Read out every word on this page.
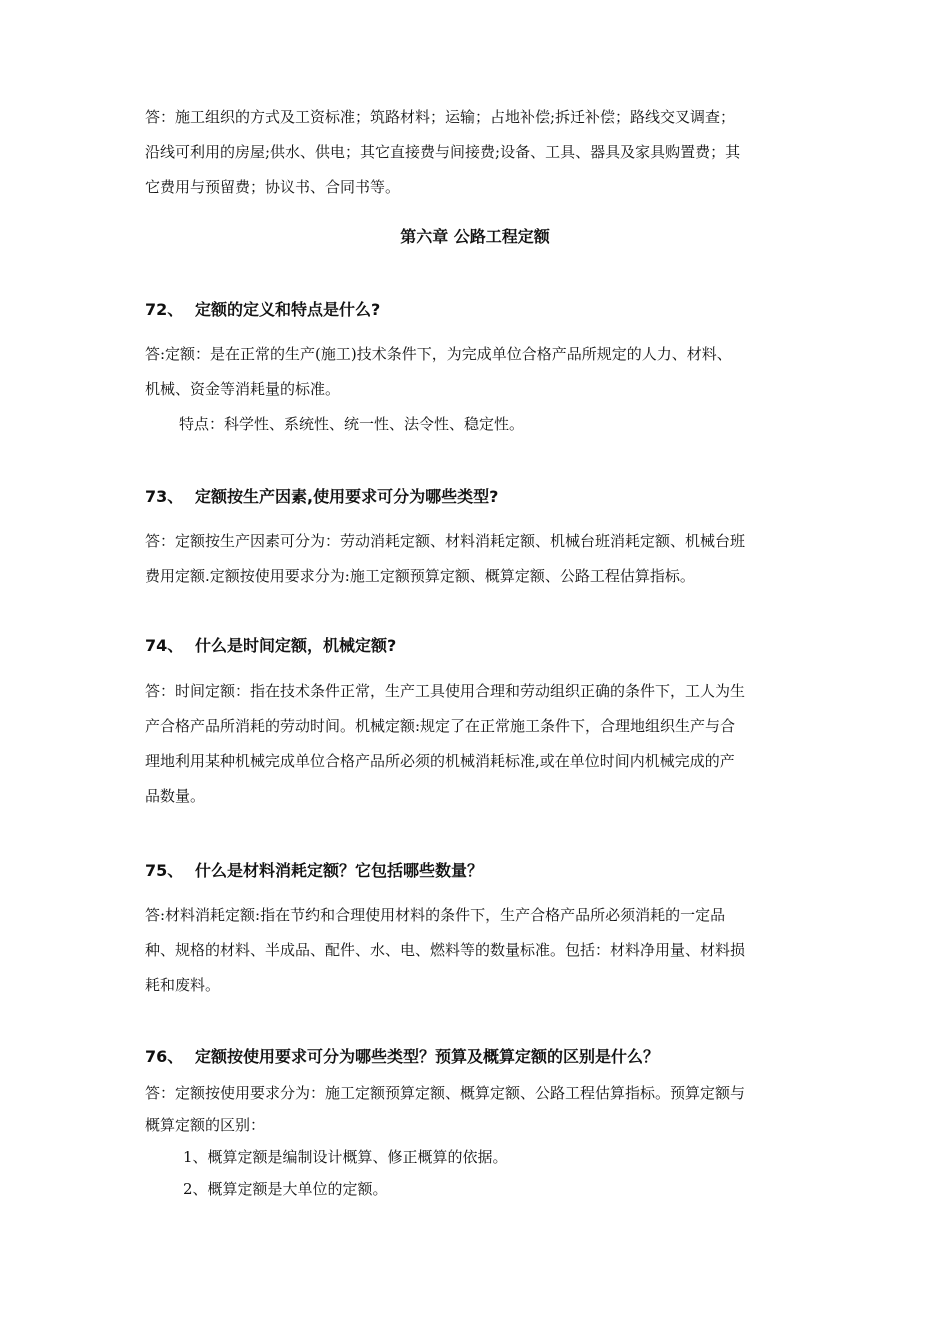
答：施工组织的方式及工资标准；筑路材料；运输；占地补偿;拆迁补偿；路线交叉调查；
沿线可利用的房屋;供水、供电；其它直接费与间接费;设备、工具、器具及家具购置费；其
它费用与预留费；协议书、合同书等。
第六章 公路工程定额
72、 定额的定义和特点是什么?
答:定额：是在正常的生产(施工)技术条件下，为完成单位合格产品所规定的人力、材料、
机械、资金等消耗量的标准。
特点：科学性、系统性、统一性、法令性、稳定性。
73、 定额按生产因素,使用要求可分为哪些类型?
答：定额按生产因素可分为：劳动消耗定额、材料消耗定额、机械台班消耗定额、机械台班
费用定额.定额按使用要求分为:施工定额预算定额、概算定额、公路工程估算指标。
74、 什么是时间定额，机械定额?
答：时间定额：指在技术条件正常，生产工具使用合理和劳动组织正确的条件下，工人为生
产合格产品所消耗的劳动时间。机械定额:规定了在正常施工条件下，合理地组织生产与合
理地利用某种机械完成单位合格产品所必须的机械消耗标准,或在单位时间内机械完成的产
品数量。
75、 什么是材料消耗定额？它包括哪些数量？
答:材料消耗定额:指在节约和合理使用材料的条件下，生产合格产品所必须消耗的一定品
种、规格的材料、半成品、配件、水、电、燃料等的数量标准。包括：材料净用量、材料损
耗和废料。
76、 定额按使用要求可分为哪些类型？预算及概算定额的区别是什么？
答：定额按使用要求分为：施工定额预算定额、概算定额、公路工程估算指标。预算定额与
概算定额的区别：
1、概算定额是编制设计概算、修正概算的依据。
2、概算定额是大单位的定额。
